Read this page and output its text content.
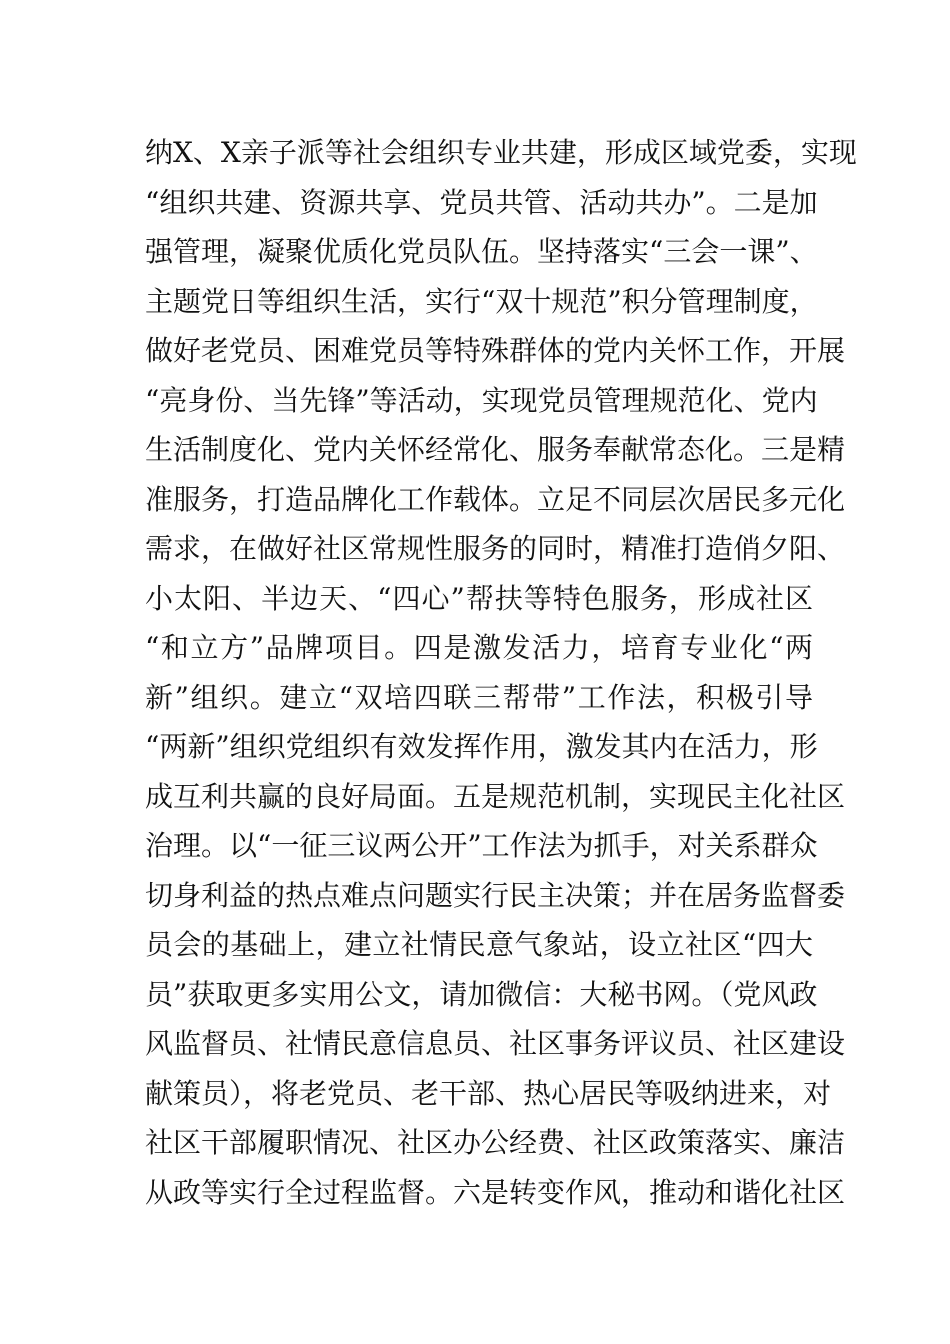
纳X、X亲子派等社会组织专业共建，形成区域党委，实现
“组织共建、资源共享、党员共管、活动共办”。二是加
强管理，凝聚优质化党员队伍。坚持落实“三会一课”、
主题党日等组织生活，实行“双十规范”积分管理制度，
做好老党员、困难党员等特殊群体的党内关怀工作，开展
“亮身份、当先锋”等活动，实现党员管理规范化、党内
生活制度化、党内关怀经常化、服务奉献常态化。三是精
准服务，打造品牌化工作载体。立足不同层次居民多元化
需求，在做好社区常规性服务的同时，精准打造俏夕阳、
小太阳、半边天、“四心”帮扶等特色服务，形成社区
“和立方”品牌项目。四是激发活力，培育专业化“两
新”组织。建立“双培四联三帮带”工作法，积极引导
“两新”组织党组织有效发挥作用，激发其内在活力，形
成互利共赢的良好局面。五是规范机制，实现民主化社区
治理。以“一征三议两公开”工作法为抓手，对关系群众
切身利益的热点难点问题实行民主决策；并在居务监督委
员会的基础上，建立社情民意气象站，设立社区“四大
员”获取更多实用公文，请加微信：大秘书网。（党风政
风监督员、社情民意信息员、社区事务评议员、社区建设
献策员），将老党员、老干部、热心居民等吸纳进来，对
社区干部履职情况、社区办公经费、社区政策落实、廉洁
从政等实行全过程监督。六是转变作风，推动和谐化社区
